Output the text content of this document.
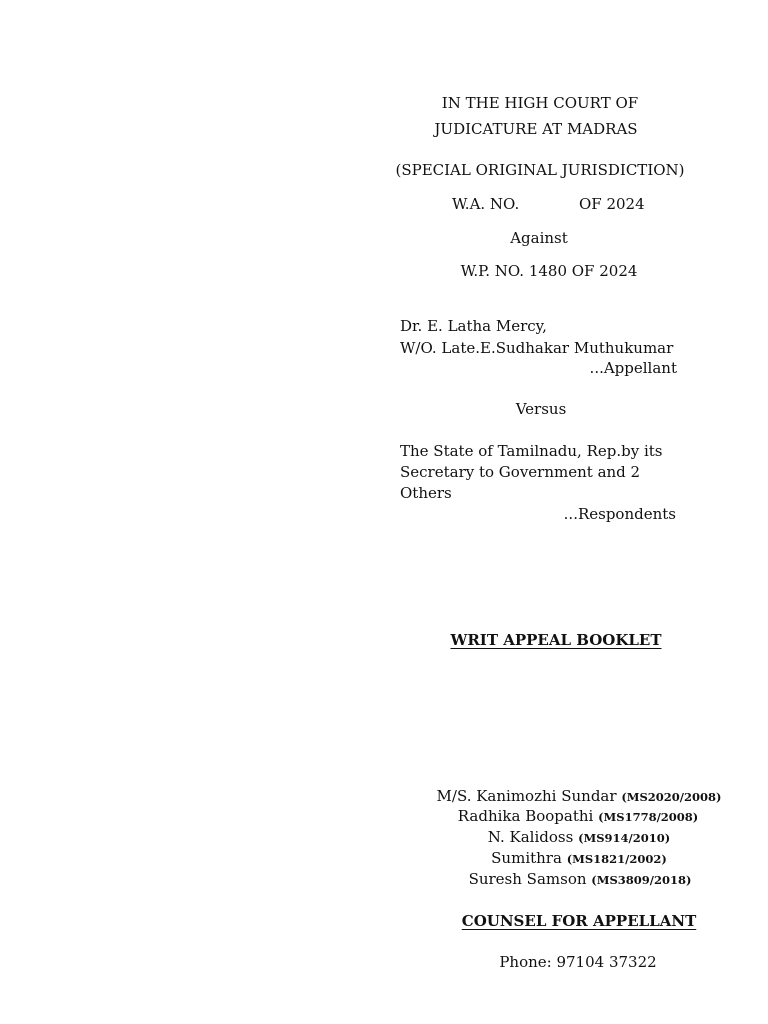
IN THE HIGH COURT OF
JUDICATURE AT MADRAS
(SPECIAL ORIGINAL JURISDICTION)
W.A. NO.	OF 2024
Against
W.P. NO. 1480 OF 2024
Dr. E. Latha Mercy,
W/O. Late.E.Sudhakar Muthukumar
...Appellant
Versus
The State of Tamilnadu, Rep.by its
Secretary to Government and 2
Others
...Respondents
WRIT APPEAL BOOKLET
M/S. Kanimozhi Sundar (MS2020/2008)
Radhika Boopathi (MS1778/2008)
N. Kalidoss (MS914/2010)
Sumithra (MS1821/2002)
Suresh Samson (MS3809/2018)
COUNSEL FOR APPELLANT
Phone: 97104 37322
